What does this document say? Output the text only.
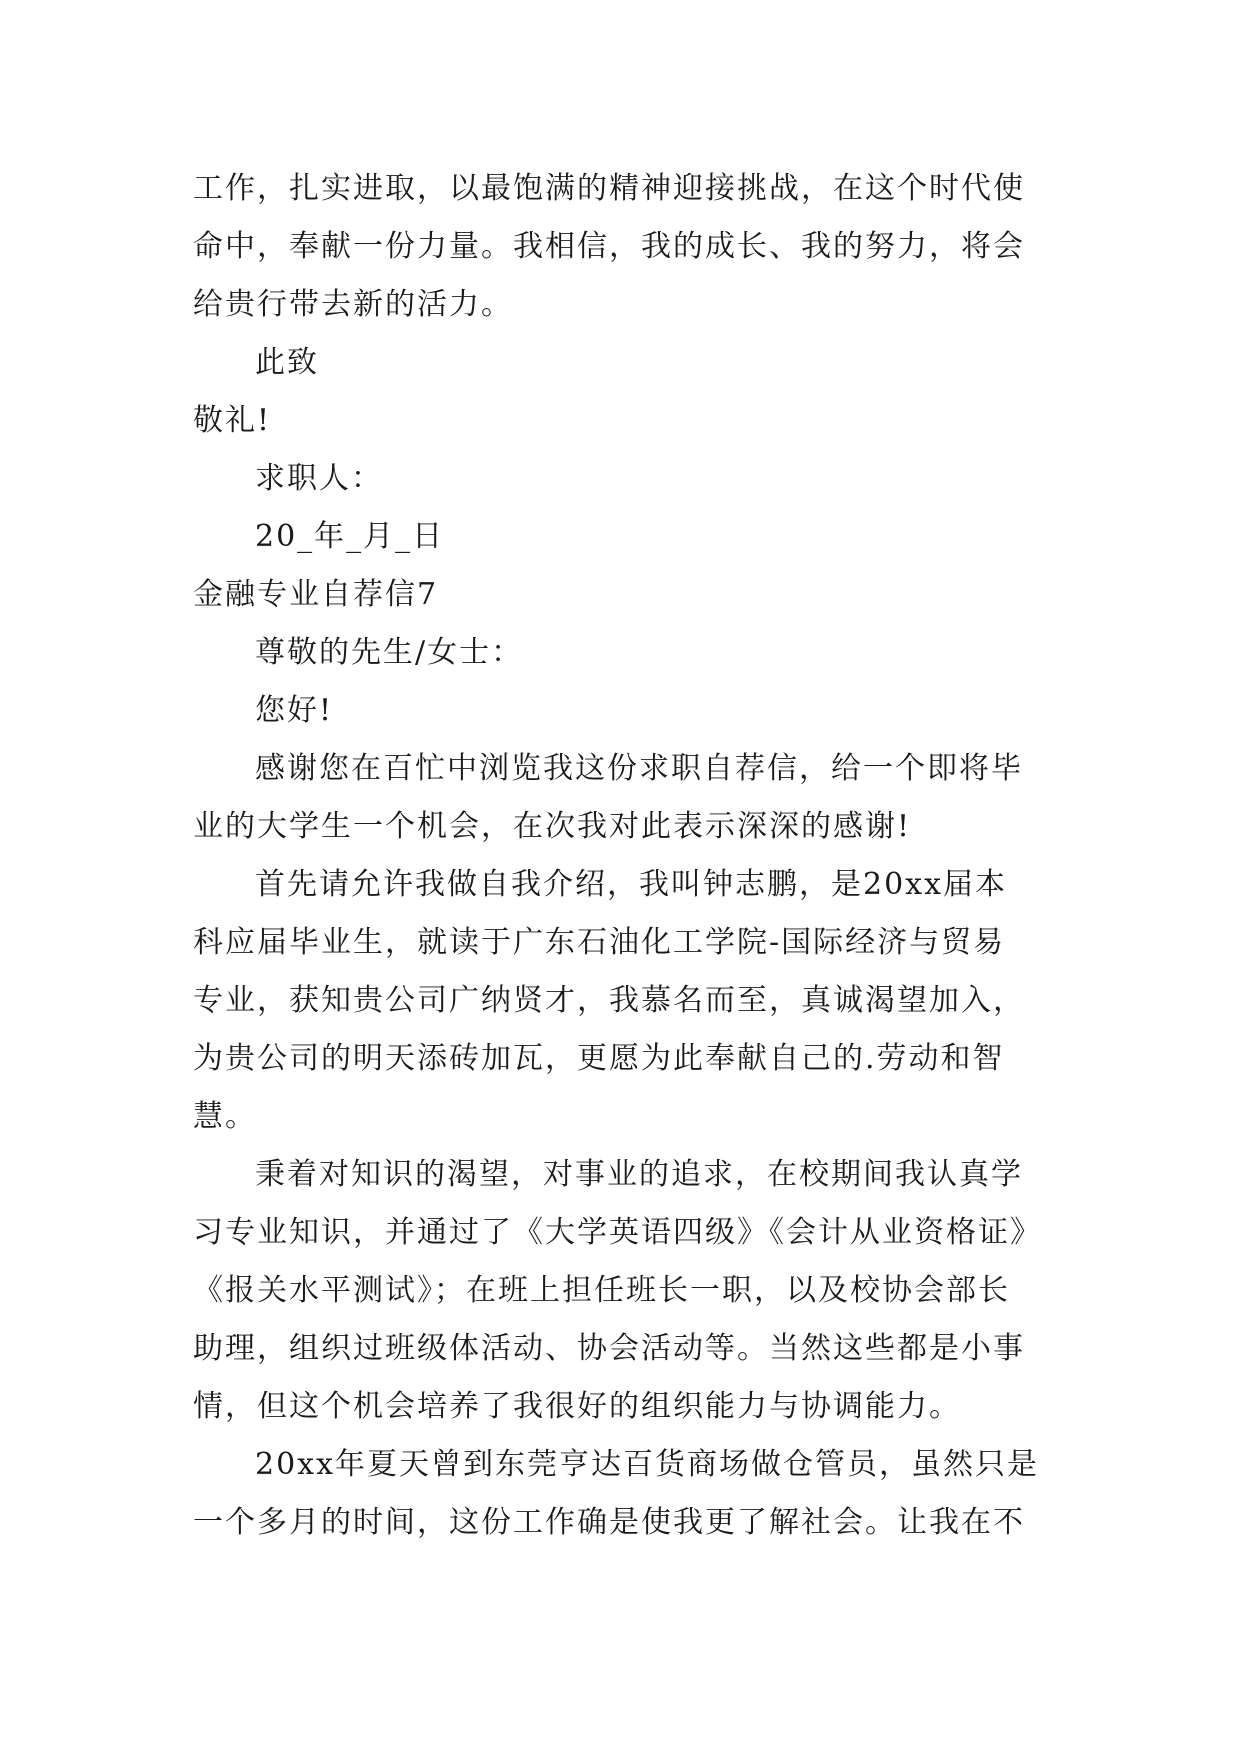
工作，扎实进取，以最饱满的精神迎接挑战，在这个时代使
命中，奉献一份力量。我相信，我的成长、我的努力，将会
给贵行带去新的活力。
此致
敬礼!
求职人：
20_年_月_日
金融专业自荐信7
尊敬的先生/女士：
您好!
感谢您在百忙中浏览我这份求职自荐信，给一个即将毕
业的大学生一个机会，在次我对此表示深深的感谢!
首先请允许我做自我介绍，我叫钟志鹏，是20xx届本
科应届毕业生，就读于广东石油化工学院-国际经济与贸易
专业，获知贵公司广纳贤才，我慕名而至，真诚渴望加入，
为贵公司的明天添砖加瓦，更愿为此奉献自己的.劳动和智
慧。
秉着对知识的渴望，对事业的追求，在校期间我认真学
习专业知识，并通过了《大学英语四级》《会计从业资格证》
《报关水平测试》；在班上担任班长一职，以及校协会部长
助理，组织过班级体活动、协会活动等。当然这些都是小事
情，但这个机会培养了我很好的组织能力与协调能力。
20xx年夏天曾到东莞亨达百货商场做仓管员，虽然只是
一个多月的时间，这份工作确是使我更了解社会。让我在不
